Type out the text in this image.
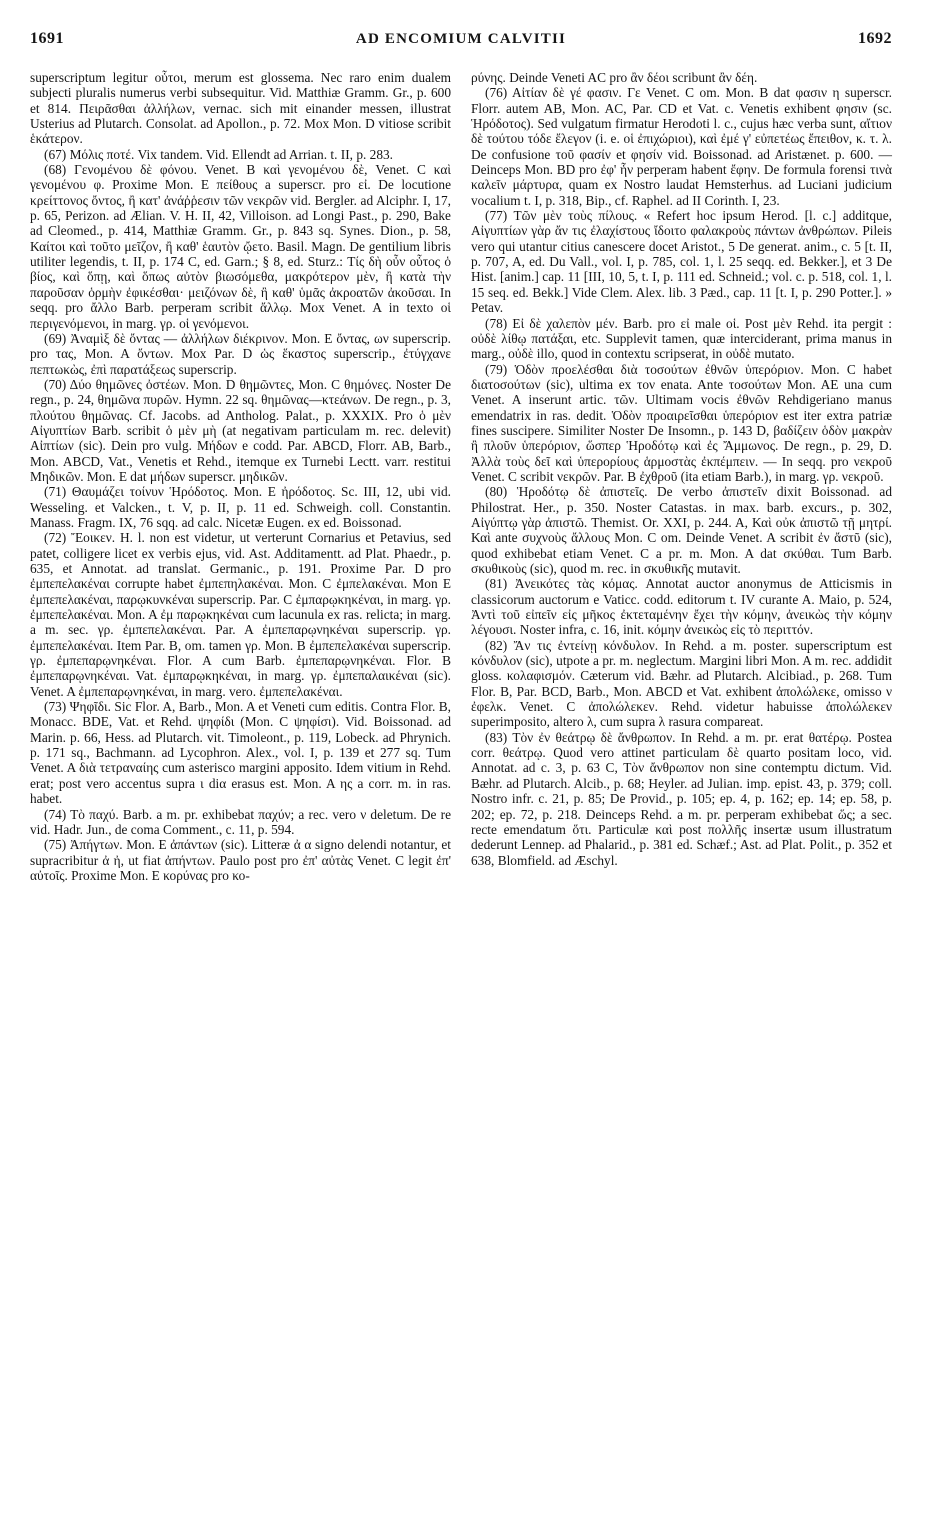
1691	AD ENCOMIUM CALVITII	1692

superscriptum legitur οὗτοι, merum est glossema. Nec raro enim dualem subjecti pluralis numerus verbi subsequitur. Vid. Matthiæ Gramm. Gr., p. 600 et 814. Πειρᾶσθαι ἀλλήλων, vernac. sich mit einander messen, illustrat Usterius ad Plutarch. Consolat. ad Apollon., p. 72. Mox Mon. D vitiose scribit ἑκάτερον.

(67) Μόλις ποτέ. Vix tandem. Vid. Ellendt ad Arrian. t. II, p. 283.

(68) Γενομένου δὲ φόνου. Venet. B καὶ γενομένου δὲ, Venet. C καὶ γενομένου φ. Proxime Mon. E πείθους a superscr. pro εἰ. De locutione κρείττονος ὄντος, ἢ κατ' ἀνάῤῥεσιν τῶν νεκρῶν vid. Bergler. ad Alciphr. I, 17, p. 65, Perizon. ad Ælian. V. H. II, 42, Villoison. ad Longi Past., p. 290, Bake ad Cleomed., p. 414, Matthiæ Gramm. Gr., p. 843 sq. Synes. Dion., p. 58, Καίτοι καὶ τοῦτο μεῖζον, ἢ καθ' ἑαυτὸν ᾤετο. Basil. Magn. De gentilium libris utiliter legendis, t. II, p. 174 C, ed. Garn.; § 8, ed. Sturz.: Τίς δὴ οὖν οὗτος ὁ βίος, καὶ ὅπῃ, καὶ ὅπως αὐτὸν βιωσόμεθα, μακρότερον μὲν, ἢ κατὰ τὴν παροῦσαν ὁρμὴν ἐφικέσθαι· μειζόνων δὲ, ἢ καθ' ὑμᾶς ἀκροατῶν ἀκοῦσαι. In seqq. pro ἄλλο Barb. perperam scribit ἄλλῳ. Mox Venet. A in texto οἱ περιγενόμενοι, in marg. γρ. οἱ γενόμενοι.

(69) Ἀναμὶξ δὲ ὄντας — ἀλλήλων διέκρινον. Mon. E ὄντας, ων superscrip. pro τας, Mon. A ὄντων. Mox Par. D ὡς ἕκαστος superscrip., ἐτύγχανε πεπτωκὼς, ἐπὶ παρατάξεως superscrip.

(70) Δύο θημῶνες ὀστέων. Mon. D θημῶντες, Mon. C θημόνες. Noster De regn., p. 24, θημῶνα πυρῶν. Hymn. 22 sq. θημῶνας—κτεάνων. De regn., p. 3, πλούτου θημῶνας. Cf. Jacobs. ad Antholog. Palat., p. XXXIX. Pro ὁ μὲν Αἰγυπτίων Barb. scribit ὁ μὲν μὴ (at negativam particulam m. rec. delevit) Αἰπτίων (sic). Dein pro vulg. Μήδων e codd. Par. ABCD, Florr. AB, Barb., Mon. ABCD, Vat., Venetis et Rehd., itemque ex Turnebi Lectt. varr. restitui Μηδικῶν. Mon. E dat μήδων superscr. μηδικῶν.

(71) Θαυμάζει τοίνυν Ἡρόδοτος. Mon. E ἠρόδοτος. Sc. III, 12, ubi vid. Wesseling. et Valcken., t. V, p. II, p. 11 ed. Schweigh. coll. Constantin. Manass. Fragm. IX, 76 sqq. ad calc. Nicetæ Eugen. ex ed. Boissonad.

(72) Ἔοικεν. H. l. non est videtur, ut verterunt Cornarius et Petavius, sed patet, colligere licet ex verbis ejus, vid. Ast. Additamentt. ad Plat. Phaedr., p. 635, et Annotat. ad translat. Germanic., p. 191. Proxime Par. D pro ἐμπεπελακέναι corrupte habet ἐμπεπηλακέναι. Mon. C ἐμπελακέναι. Mon E ἐμπεπελακέναι, παρῳκυνκέναι superscrip. Par. C ἐμπαρῳκηκέναι, in marg. γρ. ἐμπεπελακέναι. Mon. A ἐμ παρῳκηκέναι cum lacunula ex ras. relicta; in marg. a m. sec. γρ. ἐμπεπελακέναι. Par. A ἐμπεπαρῳνηκέναι superscrip. γρ. ἐμπεπελακέναι. Item Par. B, om. tamen γρ. Mon. B ἐμπεπελακέναι superscrip. γρ. ἐμπεπαρῳνηκέναι. Flor. A cum Barb. ἐμπεπαρῳνηκέναι. Flor. B ἐμπεπαρῳνηκέναι. Vat. ἐμπαρῳκηκέναι, in marg. γρ. ἐμπεπαλαικέναι (sic). Venet. A ἐμπεπαρῳνηκέναι, in marg. vero. ἐμπεπελακέναι.

(73) Ψηφῖδι. Sic Flor. A, Barb., Mon. A et Veneti cum editis. Contra Flor. B, Monacc. BDE, Vat. et Rehd. ψηφίδι (Mon. C ψηφίσι). Vid. Boissonad. ad Marin. p. 66, Hess. ad Plutarch. vit. Timoleont., p. 119, Lobeck. ad Phrynich. p. 171 sq., Bachmann. ad Lycophron. Alex., vol. I, p. 139 et 277 sq. Tum Venet. A διὰ τετραναίης cum asterisco margini apposito. Idem vitium in Rehd. erat; post vero accentus supra ι diα erasus est. Mon. A ης a corr. m. in ras. habet.

(74) Τὸ παχύ. Barb. a m. pr. exhibebat παχύν; a rec. vero ν deletum. De re vid. Hadr. Jun., de coma Comment., c. 11, p. 594.

(75) Ἀπήγτων. Mon. E ἀπάντων (sic). Litteræ ἀ α signo delendi notantur, et supracribitur ἀ ἠ, ut fiat ἀπήντων. Paulo post pro ἐπ' αὐτὰς Venet. C legit ἐπ' αὐτοῖς. Proxime Mon. E κορύνας pro κο-

ρύνης. Deinde Veneti AC pro ἂν δέοι scribunt ἂν δέη.

(76) Αἰτίαν δὲ γέ φασιν. Γε Venet. C om. Mon. B dat φασιν η superscr. Florr. autem AB, Mon. AC, Par. CD et Vat. c. Venetis exhibent φησιν (sc. Ἡρόδοτος). Sed vulgatum firmatur Herodoti l. c., cujus hæc verba sunt, αἴτιον δὲ τούτου τόδε ἔλεγον (i. e. οἱ ἐπιχώριοι), καὶ ἐμέ γ' εὐπετέως ἔπειθον, κ. τ. λ. De confusione τοῦ φασίν et φησίν vid. Boissonad. ad Aristænet. p. 600. — Deinceps Mon. BD pro ἐφ' ἧν perperam habent ἔφην. De formula forensi τινὰ καλεῖν μάρτυρα, quam ex Nostro laudat Hemsterhus. ad Luciani judicium vocalium t. I, p. 318, Bip., cf. Raphel. ad II Corinth. I, 23.

(77) Τῶν μὲν τοὺς πίλους. « Refert hoc ipsum Herod. [l. c.] additque, Αἰγυπτίων γὰρ ἄν τις ἐλαχίστους ἴδοιτο φαλακροὺς πάντων ἀνθρώπων. Pileis vero qui utantur citius canescere docet Aristot., 5 De generat. anim., c. 5 [t. II, p. 707, A, ed. Du Vall., vol. I, p. 785, col. 1, l. 25 seqq. ed. Bekker.], et 3 De Hist. [anim.] cap. 11 [III, 10, 5, t. I, p. 111 ed. Schneid.; vol. c. p. 518, col. 1, l. 15 seq. ed. Bekk.] Vide Clem. Alex. lib. 3 Pæd., cap. 11 [t. I, p. 290 Potter.]. » Petav.

(78) Εἰ δὲ χαλεπὸν μέν. Barb. pro εἰ male οἱ. Post μὲν Rehd. ita pergit : οὐδὲ λίθῳ πατάξαι, etc. Supplevit tamen, quæ interciderant, prima manus in marg., οὐδὲ illo, quod in contextu scripserat, in οὐδὲ mutato.

(79) Ὁδὸν προελέσθαι διὰ τοσούτων ἐθνῶν ὑπερόριον. Mon. C habet διατοσούτων (sic), ultima ex τον enata. Ante τοσούτων Mon. AE una cum Venet. A inserunt artic. τῶν. Ultimam vocis ἐθνῶν Rehdigeriano manus emendatrix in ras. dedit. Ὁδὸν προαιρεῖσθαι ὑπερόριον est iter extra patriæ fines suscipere. Similiter Noster De Insomn., p. 143 D, βαδίζειν ὁδὸν μακρὰν ἢ πλοῦν ὑπερόριον, ὥσπερ Ἡροδότῳ καὶ ἐς Ἄμμωνος. De regn., p. 29, D. Ἀλλὰ τοὺς δεῖ καὶ ὑπερορίους ἁρμοστὰς ἐκπέμπειν. — In seqq. pro νεκροῦ Venet. C scribit νεκρῶν. Par. B ἐχθροῦ (ita etiam Barb.), in marg. γρ. νεκροῦ.

(80) Ἡροδότῳ δὲ ἀπιστεῖς. De verbo ἀπιστεῖν dixit Boissonad. ad Philostrat. Her., p. 350. Noster Catastas. in max. barb. excurs., p. 302, Αἰγύπτῳ γὰρ ἀπιστῶ. Themist. Or. XXI, p. 244. A, Καὶ οὐκ ἀπιστῶ τῇ μητρί. Καὶ ante συχνοὺς ἄλλους Mon. C om. Deinde Venet. A scribit ἐν ἄστῦ (sic), quod exhibebat etiam Venet. C a pr. m. Mon. A dat σκύθαι. Tum Barb. σκυθικοὺς (sic), quod m. rec. in σκυθικῆς mutavit.

(81) Ἀνεικότες τὰς κόμας. Annotat auctor anonymus de Atticismis in classicorum auctorum e Vaticc. codd. editorum t. IV curante A. Maio, p. 524, Ἀντὶ τοῦ εἰπεῖν εἰς μῆκος ἐκτεταμένην ἔχει τὴν κόμην, ἀνεικὼς τὴν κόμην λέγουσι. Noster infra, c. 16, init. κόμην ἀνεικὼς εἰς τὸ περιττόν.

(82) Ἄν τις ἐντείνῃ κόνδυλον. In Rehd. a m. poster. superscriptum est κόνδυλον (sic), utpote a pr. m. neglectum. Margini libri Mon. A m. rec. addidit gloss. κολαφισμόν. Cæterum vid. Bæhr. ad Plutarch. Alcibiad., p. 268. Tum Flor. B, Par. BCD, Barb., Mon. ABCD et Vat. exhibent ἀπολώλεκε, omisso ν ἐφελκ. Venet. C ἀπολώλεκεν. Rehd. videtur habuisse ἀπολώλεκεν superimposito, altero λ, cum supra λ rasura compareat.

(83) Τὸν ἐν θεάτρῳ δὲ ἄνθρωπον. In Rehd. a m. pr. erat θατέρῳ. Postea corr. θεάτρῳ. Quod vero attinet particulam δὲ quarto positam loco, vid. Annotat. ad c. 3, p. 63 C, Τὸν ἄνθρωπον non sine contemptu dictum. Vid. Bæhr. ad Plutarch. Alcib., p. 68; Heyler. ad Julian. imp. epist. 43, p. 379; coll. Nostro infr. c. 21, p. 85; De Provid., p. 105; ep. 4, p. 162; ep. 14; ep. 58, p. 202; ep. 72, p. 218. Deinceps Rehd. a m. pr. perperam exhibebat ὥς; a sec. recte emendatum ὅτι. Particulæ καὶ post πολλῆς insertæ usum illustratum dederunt Lennep. ad Phalarid., p. 381 ed. Schæf.; Ast. ad Plat. Polit., p. 352 et 638, Blomfield. ad Æschyl.
